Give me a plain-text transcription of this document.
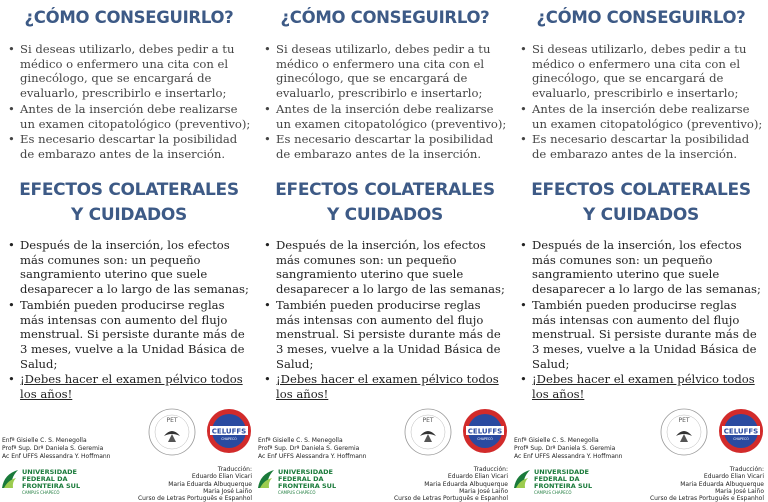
¿CÓMO CONSEGUIRLO?
• Si deseas utilizarlo, debes pedir a tu médico o enfermero una cita con el ginecólogo, que se encargará de evaluarlo, prescribirlo e insertarlo;
• Antes de la inserción debe realizarse un examen citopatológico (preventivo);
• Es necesario descartar la posibilidad de embarazo antes de la inserción.
EFECTOS COLATERALES
Y CUIDADOS
• Después de la inserción, los efectos más comunes son: un pequeño sangramiento uterino que suele desaparecer a lo largo de las semanas;
• También pueden producirse reglas más intensas con aumento del flujo menstrual. Si persiste durante más de 3 meses, vuelve a la Unidad Básica de Salud;
• ¡Debes hacer el examen pélvico todos los años!
PET
CELUFFS
CHAPECÓ
Enfª Gisielle C. S. Menegolla
Profª Sup. Drª Daniela S. Geremia
Ac Enf UFFS Alessandra Y. Hoffmann
Traducción:
Eduardo Elian Vicari
Maria Eduarda Albuquerque
Maria José Laiño
Curso de Letras Português e Espanhol
UNIVERSIDADE
FEDERAL DA
FRONTEIRA SUL
CAMPUS CHAPECÓ
¿CÓMO CONSEGUIRLO?
• Si deseas utilizarlo, debes pedir a tu médico o enfermero una cita con el ginecólogo, que se encargará de evaluarlo, prescribirlo e insertarlo;
• Antes de la inserción debe realizarse un examen citopatológico (preventivo);
• Es necesario descartar la posibilidad de embarazo antes de la inserción.
EFECTOS COLATERALES
Y CUIDADOS
• Después de la inserción, los efectos más comunes son: un pequeño sangramiento uterino que suele desaparecer a lo largo de las semanas;
• También pueden producirse reglas más intensas con aumento del flujo menstrual. Si persiste durante más de 3 meses, vuelve a la Unidad Básica de Salud;
• ¡Debes hacer el examen pélvico todos los años!
PET
CELUFFS
CHAPECÓ
Enfª Gisielle C. S. Menegolla
Profª Sup. Drª Daniela S. Geremia
Ac Enf UFFS Alessandra Y. Hoffmann
Traducción:
Eduardo Elian Vicari
Maria Eduarda Albuquerque
Maria José Laiño
Curso de Letras Português e Espanhol
UNIVERSIDADE
FEDERAL DA
FRONTEIRA SUL
CAMPUS CHAPECÓ
¿CÓMO CONSEGUIRLO?
• Si deseas utilizarlo, debes pedir a tu médico o enfermero una cita con el ginecólogo, que se encargará de evaluarlo, prescribirlo e insertarlo;
• Antes de la inserción debe realizarse un examen citopatológico (preventivo);
• Es necesario descartar la posibilidad de embarazo antes de la inserción.
EFECTOS COLATERALES
Y CUIDADOS
• Después de la inserción, los efectos más comunes son: un pequeño sangramiento uterino que suele desaparecer a lo largo de las semanas;
• También pueden producirse reglas más intensas con aumento del flujo menstrual. Si persiste durante más de 3 meses, vuelve a la Unidad Básica de Salud;
• ¡Debes hacer el examen pélvico todos los años!
PET
CELUFFS
CHAPECÓ
Enfª Gisielle C. S. Menegolla
Profª Sup. Drª Daniela S. Geremia
Ac Enf UFFS Alessandra Y. Hoffmann
Traducción:
Eduardo Elian Vicari
Maria Eduarda Albuquerque
Maria José Laiño
Curso de Letras Português e Espanhol
UNIVERSIDADE
FEDERAL DA
FRONTEIRA SUL
CAMPUS CHAPECÓ
